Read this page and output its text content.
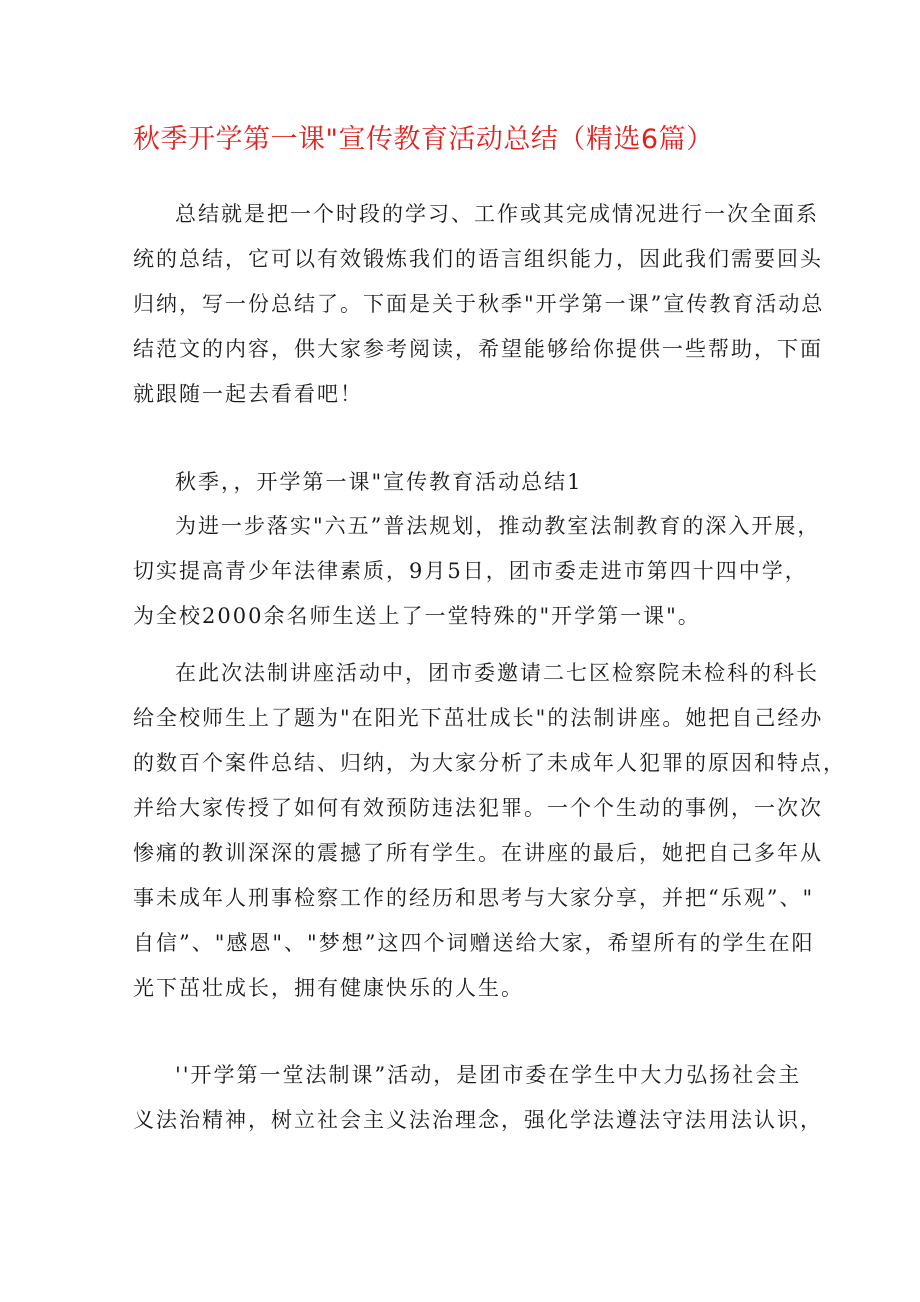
秋季开学第一课"宣传教育活动总结（精选6篇）
总结就是把一个时段的学习、工作或其完成情况进行一次全面系
统的总结，它可以有效锻炼我们的语言组织能力，因此我们需要回头
归纳，写一份总结了。下面是关于秋季"开学第一课”宣传教育活动总
结范文的内容，供大家参考阅读，希望能够给你提供一些帮助，下面
就跟随一起去看看吧！
秋季，，开学第一课"宣传教育活动总结1
为进一步落实"六五”普法规划，推动教室法制教育的深入开展，
切实提高青少年法律素质，9月5日，团市委走进市第四十四中学，
为全校2000余名师生送上了一堂特殊的"开学第一课"。
在此次法制讲座活动中，团市委邀请二七区检察院未检科的科长
给全校师生上了题为"在阳光下茁壮成长"的法制讲座。她把自己经办
的数百个案件总结、归纳，为大家分析了未成年人犯罪的原因和特点，
并给大家传授了如何有效预防违法犯罪。一个个生动的事例，一次次
惨痛的教训深深的震撼了所有学生。在讲座的最后，她把自己多年从
事未成年人刑事检察工作的经历和思考与大家分享，并把“乐观”、"
自信”、"感恩"、"梦想”这四个词赠送给大家，希望所有的学生在阳
光下茁壮成长，拥有健康快乐的人生。
''开学第一堂法制课”活动，是团市委在学生中大力弘扬社会主
义法治精神，树立社会主义法治理念，强化学法遵法守法用法认识，
